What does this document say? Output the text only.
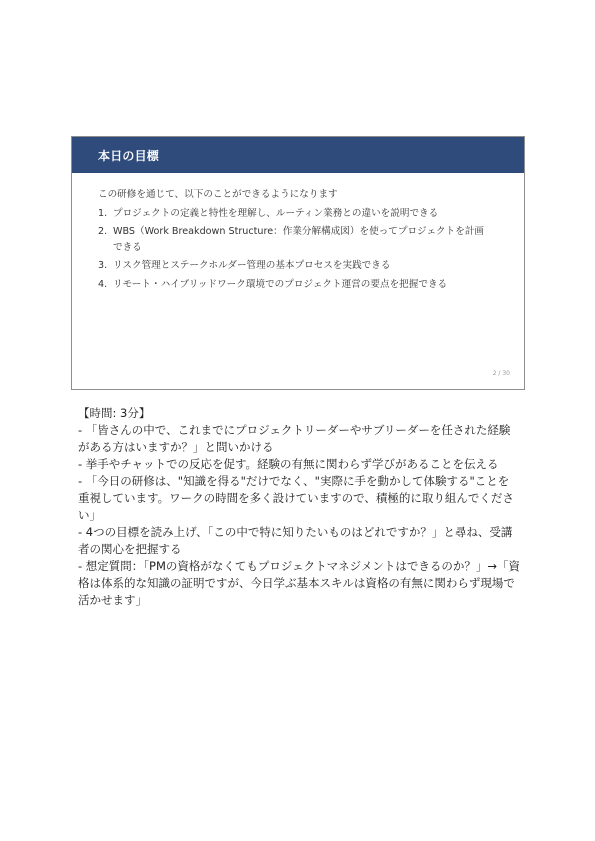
本日の目標

この研修を通じて、以下のことができるようになります

1. プロジェクトの定義と特性を理解し、ルーティン業務との違いを説明できる
2. WBS（Work Breakdown Structure：作業分解構成図）を使ってプロジェクトを計画できる
3. リスク管理とステークホルダー管理の基本プロセスを実践できる
4. リモート・ハイブリッドワーク環境でのプロジェクト運営の要点を把握できる
2 / 30

【時間: 3分】

- 「皆さんの中で、これまでにプロジェクトリーダーやサブリーダーを任された経験がある方はいますか？」と問いかける

- 挙手やチャットでの反応を促す。経験の有無に関わらず学びがあることを伝える

- 「今日の研修は、"知識を得る"だけでなく、"実際に手を動かして体験する"ことを重視しています。ワークの時間を多く設けていますので、積極的に取り組んでください」

- 4つの目標を読み上げ、「この中で特に知りたいものはどれですか？」と尋ね、受講者の関心を把握する

- 想定質問：「PMの資格がなくてもプロジェクトマネジメントはできるのか？」→「資格は体系的な知識の証明ですが、今日学ぶ基本スキルは資格の有無に関わらず現場で活かせます」
